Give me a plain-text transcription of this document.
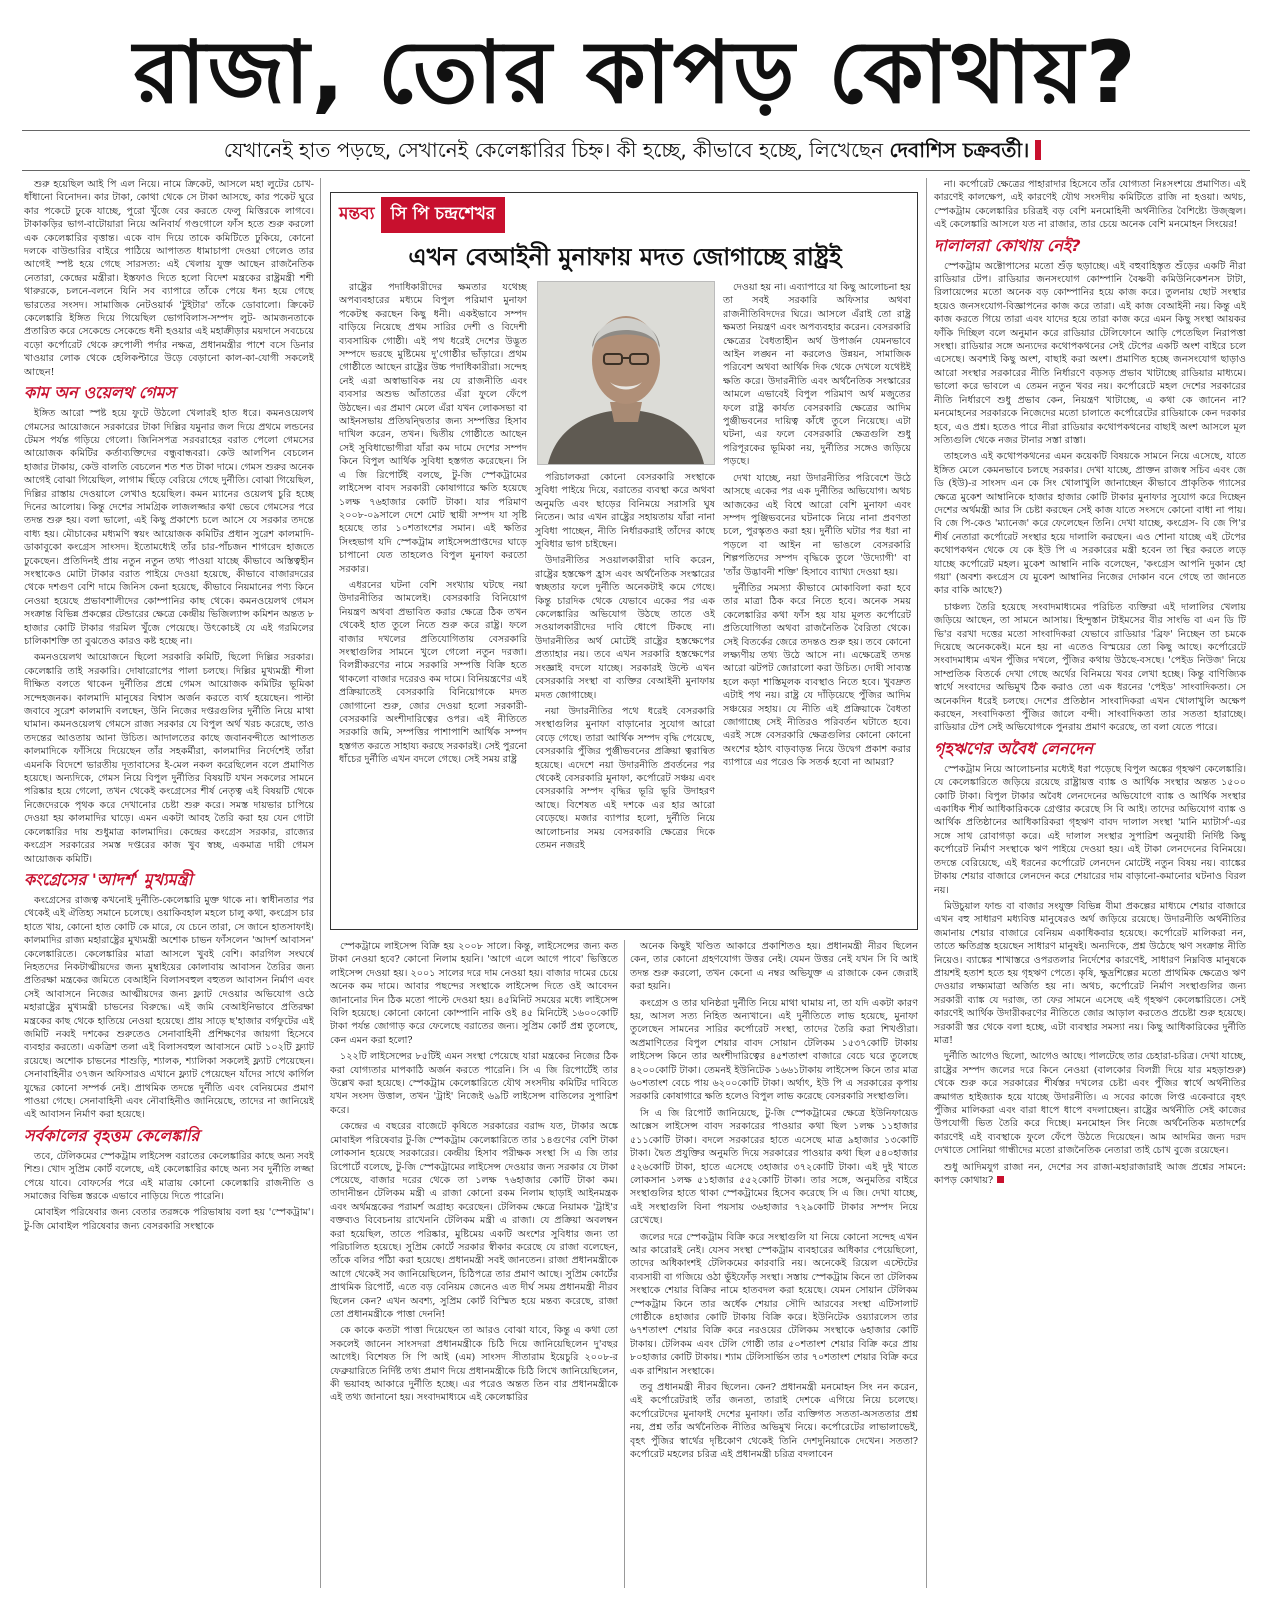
রাজা, তোর কাপড় কোথায়?
যেখানেই হাত পড়ছে, সেখানেই কেলেঙ্কারির চিহ্ন। কী হচ্ছে, কীভাবে হচ্ছে, লিখেছেন দেবাশিস চক্রবর্তী।

শুরু হয়েছিল আই পি এল নিয়ে। নামে ক্রিকেট, আসলে মহা লুটের চোখ-ধাঁধানো বিনোদন। কার টাকা, কোথা থেকে সে টাকা আসছে, কার পকেট ঘুরে কার পকেটে ঢুকে যাচ্ছে, পুরো খুঁজে বের করতে ফেলু মিত্তিরকে লাগবে। টাকাকড়ির ভাগ-বাটোয়ারা নিয়ে অনিবার্য গণ্ডগোলে ফাঁস হতে শুরু করলো এক কেলেঙ্কারির বৃত্তান্ত। একে বাদ দিয়ে তাকে কমিটিতে ঢুকিয়ে, কোনো দলকে বাউন্ডারির বাইরে পাঠিয়ে আপাতত ধামাচাপা দেওয়া গেলেও তার আগেই স্পষ্ট হয়ে গেছে সারসত্য: এই খেলায় যুক্ত আছেন রাজনৈতিক নেতারা, কেন্দ্রের মন্ত্রীরা। ইস্তফাও দিতে হলো বিদেশ মন্ত্রকের রাষ্ট্রমন্ত্রী শশী থারুরকে, চলনে-বলনে যিনি সব ব্যাপারে তাঁকে পেয়ে ধন্য হয়ে গেছে ভারতের সংসদ। সামাজিক নেটওয়ার্ক 'টুইটার' তাঁকে ডোবালো। ক্রিকেট কেলেঙ্কারি ইঙ্গিত দিয়ে গিয়েছিল ভোগবিলাস-সম্পদ লুট- আমজনতাকে প্রতারিত করে সেকেন্ডে সেকেন্ডে ধনী হওয়ার এই মহাক্রীড়ার ময়দানে সবচেয়ে বড়ো কর্পোরেট থেকে রুপোলী পর্দার নক্ষত্র, প্রধানমন্ত্রীর পাশে বসে ডিনার খাওয়ার লোক থেকে হেলিকপ্টারে উড়ে বেড়ানো কাল-কা-যোগী সকলেই আছেন!

কাম অন ওয়েলথ গেমস

ইঙ্গিত আরো স্পষ্ট হয়ে ফুটে উঠলো খেলারই হাত ধরে। কমনওয়েলথ গেমসের আয়োজনে সরকারের টাকা দিল্লির যমুনার জল দিয়ে প্রথমে লন্ডনের টেমস পর্যন্ত গড়িয়ে গেলো। জিনিসপত্র সরবরাহের বরাত পেলো গেমসের আয়োজক কমিটির কর্তাব্যক্তিদের বন্ধুবান্ধবরা। কেউ আলপিন বেচলেন হাজার টাকায়, কেউ বালতি বেচলেন শত শত টাকা দামে। গেমস শুরুর অনেক আগেই বোঝা গিয়েছিল, লাগাম ছিঁড়ে বেরিয়ে গেছে দুর্নীতি। বোঝা গিয়েছিল, দিল্লির রাস্তায় দেওয়ালে লেখাও হয়েছিল। কমন ম্যানের ওয়েলথ চুরি হচ্ছে দিনের আলোয়। কিন্তু দেশের সামগ্রিক লাজলজ্জার কথা ভেবে গেমসের পরে তদন্ত শুরু হয়। বলা ভালো, এই কিছু প্রকাশ্যে চলে আসে যে সরকার তদন্তে বাধ্য হয়। মৌচাকের মধ্যমণি স্বয়ং আয়োজক কমিটির প্রধান সুরেশ কালমাদি- ডাকাবুকো কংগ্রেস সাংসদ। ইতোমধ্যেই তাঁর চার-পাঁচজন শাগরেদ হাজতে ঢুকেছেন। প্রতিদিনই প্রায় নতুন নতুন তথ্য পাওয়া যাচ্ছে কীভাবে অস্তিত্বহীন সংস্থাকেও মোটা টাকার বরাত পাইয়ে দেওয়া হয়েছে, কীভাবে বাজারদরের থেকে দশগুণ বেশি দামে জিনিস কেনা হয়েছে, কীভাবে নিয়মানের পণ্য কিনে নেওয়া হয়েছে প্রভাবশালীদের কোম্পানির কাছ থেকে। কমনওয়েলথ গেমস সংক্রান্ত বিভিন্ন প্রকল্পের টেন্ডারের ক্ষেত্রে কেন্দ্রীয় ভিজিল্যান্স কমিশন অন্তত ৮ হাজার কোটি টাকার গরমিল খুঁজে পেয়েছে। উৎকোচই যে এই গরমিলের চালিকাশক্তি তা বুঝতেও কারও কষ্ট হচ্ছে না।

কমনওয়েলথ আয়োজনে ছিলো সরকারি কমিটি, ছিলো দিল্লির সরকার। কেলেঙ্কারি তাই সরকারি। দোষারোপের পালা চলছে। দিল্লির মুখ্যমন্ত্রী শীলা দীক্ষিত বলতে থাকেন দুর্নীতির প্রশ্নে গেমস আয়োজক কমিটির ভূমিকা সন্দেহজনক। কালমাদি মানুষের বিশ্বাস অর্জন করতে ব্যর্থ হয়েছেন। পাল্টা জবাবে সুরেশ কালমাদি বলছেন, উনি নিজের দপ্তরগুলির দুর্নীতি নিয়ে মাথা ঘামান। কমনওয়েলথ গেমসে রাজ্য সরকার যে বিপুল অর্থ খরচ করেছে, তাও তদন্তের আওতায় আনা উচিত। আদালতের কাছে জবানবন্দীতে আপাতত কালমাদিকে ফাঁসিয়ে দিয়েছেন তাঁর সহকর্মীরা, কালমাদির নির্দেশেই তাঁরা এমনকি বিদেশে ভারতীয় দূতাবাসের ই-মেল নকল করেছিলেন বলে প্রমাণিত হয়েছে। অন্যদিকে, গেমস নিয়ে বিপুল দুর্নীতির বিষয়টি যখন সকলের সামনে পরিষ্কার হয়ে গেলো, তখন থেকেই কংগ্রেসের শীর্ষ নেতৃত্ব এই বিষয়টি থেকে নিজেদেরকে পৃথক করে দেখানোর চেষ্টা শুরু করে। সমস্ত দায়ভার চাপিয়ে দেওয়া হয় কালমাদির ঘাড়ে। এমন একটা আবহ তৈরি করা হয় যেন গোটা কেলেঙ্কারির দায় শুধুমাত্র কালমাদির। কেন্দ্রের কংগ্রেস সরকার, রাজ্যের কংগ্রেস সরকারের সমস্ত দপ্তরের কাজ খুব স্বচ্ছ, একমাত্র দায়ী গেমস আয়োজক কমিটি।

কংগ্রেসের 'আদর্শ' মুখ্যমন্ত্রী

কংগ্রেসের রাজত্ব কখনোই দুর্নীতি-কেলেঙ্কারি মুক্ত থাকে না। স্বাধীনতার পর থেকেই এই ঐতিহ্য সমানে চলেছে। ওয়াকিবহাল মহলে চালু কথা, কংগ্রেস চার হাতে খায়, কোনো হাত কোটি কে মারে, যে চেনে তারা, সে জানে হাতসাফাই। কালমাদির রাজ্য মহারাষ্ট্রের মুখ্যমন্ত্রী অশোক চাভন ফাঁসলেন 'আদর্শ আবাসন' কেলেঙ্কারিতে। কেলেঙ্কারির মাত্রা আসলে খুবই বেশি। কারগিল সংঘর্ষে নিহতদের নিকটাত্মীয়দের জন্য মুম্বাইয়ের কোলাবায় আবাসন তৈরির জন্য প্রতিরক্ষা মন্ত্রকের জমিতে বেআইনি বিলাসবহুল বহুতল আবাসন নির্মাণ এবং সেই আবাসনে নিজের আত্মীয়দের জন্য ফ্ল্যাট দেওয়ার অভিযোগ ওঠে মহারাষ্ট্রের মুখ্যমন্ত্রী চাভনের বিরুদ্ধে। এই জমি বেআইনিভাবে প্রতিরক্ষা মন্ত্রকের কাছ থেকে হাতিয়ে নেওয়া হয়েছে। প্রায় সাড়ে ছ'হাজার বর্গফুটের এই জমিটি নব্বই দশকের শুরুতেও সেনাবাহিনী প্রশিক্ষণের জায়গা হিসেবে ব্যবহার করতো। একত্রিশ তলা এই বিলাসবহুল আবাসনে মোট ১০২টি ফ্ল্যাট রয়েছে। অশোক চাভনের শাশুড়ি, শ্যালক, শ্যালিকা সকলেই ফ্ল্যাট পেয়েছেন। সেনাবাহিনীর ৩৭জন অফিসারও এখানে ফ্ল্যাট পেয়েছেন যাঁদের সাথে কার্গিল যুদ্ধের কোনো সম্পর্ক নেই। প্রাথমিক তদন্তে দুর্নীতি এবং বেনিয়মের প্রমাণ পাওয়া গেছে। সেনাবাহিনী এবং নৌবাহিনীও জানিয়েছে, তাদের না জানিয়েই এই আবাসন নির্মাণ করা হয়েছে।

সর্বকালের বৃহত্তম কেলেঙ্কারি

তবে, টেলিকমের স্পেকট্রাম লাইসেন্স বরাতের কেলেঙ্কারির কাছে অন্য সবই শিশু। খোদ সুপ্রিম কোর্ট বলেছে, এই কেলেঙ্কারির কাছে অন্য সব দুর্নীতি লজ্জা পেয়ে যাবে। বোফর্সের পরে এই মাত্রায় কোনো কেলেঙ্কারি রাজনীতি ও সমাজের বিভিন্ন স্তরকে এভাবে নাড়িয়ে দিতে পারেনি।

মোবাইল পরিষেবার জন্য বেতার তরঙ্গকে পরিভাষায় বলা হয় 'স্পেকট্রাম'। টু-জি মোবাইল পরিষেবার জন্য বেসরকারি সংস্থাকে

মন্তব্য সি পি চন্দ্রশেখর
এখন বেআইনী মুনাফায় মদত জোগাচ্ছে রাষ্ট্রই

রাষ্ট্রের পদাধিকারীদের ক্ষমতার যথেচ্ছ অপব্যবহারের মধ্যমে বিপুল পরিমাণ মুনাফা পকেটস্থ করছেন কিছু ধনী। একইভাবে সম্পদ বাড়িয়ে নিয়েছে প্রথম সারির দেশী ও বিদেশী ব্যবসায়িক গোষ্ঠী। এই পথ ধরেই দেশের উদ্ভূত সম্পদে ভরছে মুষ্টিমেয় দু'গোষ্ঠীর ভাঁড়ারে। প্রথম গোষ্ঠীতে আছেন রাষ্ট্রের উচ্চ পদাধিকারীরা। সন্দেহ নেই এরা অস্বাভাবিক নয় যে রাজনীতি এবং ব্যবসার অশুভ আঁতাতের এঁরা ফুলে ফেঁপে উঠছেন। এর প্রমাণ মেলে এঁরা যখন লোকসভা বা আইনসভায় প্রতিদ্বন্দ্বিতার জন্য সম্পত্তির হিসাব দাখিল করেন, তখন। দ্বিতীয় গোষ্ঠীতে আছেন সেই সুবিধাভোগীরা যাঁরা কম দামে দেশের সম্পদ কিনে বিপুল আর্থিক সুবিধা হস্তগত করেছেন। সি এ জি রিপোর্টই বলছে, টু-জি স্পেকট্রামের লাইসেন্স বাবদ সরকারী কোষাগারে ক্ষতি হয়েছে ১লক্ষ ৭৬হাজার কোটি টাকা। যার পরিমাণ ২০০৮-০৯সালে দেশে মোট স্থায়ী সম্পদ যা সৃষ্টি হয়েছে তার ১০শতাংশের সমান। এই ক্ষতির সিংহভাগ যদি স্পেকট্রাম লাইসেন্সপ্রাপ্তদের ঘাড়ে চাপানো যেত তাহলেও বিপুল মুনাফা করতো সরকার।

এধরনের ঘটনা বেশি সংখ্যায় ঘটছে নয়া উদারনীতির আমলেই। বেসরকারি বিনিয়োগ নিয়ন্ত্রণ অথবা প্রভাবিত করার ক্ষেত্রে ঠিক তখন থেকেই হাত তুলে নিতে শুরু করে রাষ্ট্র। ফলে বাজার দখলের প্রতিযোগিতায় বেসরকারি সংস্থাগুলির সামনে খুলে গেলো নতুন দরজা। বিলগ্নীকরণের নামে সরকারি সম্পত্তি বিক্রি হতে থাকলো বাজার দরেরও কম দামে। বিনিয়ন্ত্রণের এই প্রক্রিয়াতেই বেসরকারি বিনিয়োগকে মদত জোগানো শুরু, জোর দেওয়া হলো সরকারী-বেসরকারি অংশীদারিত্বের ওপর। এই নীতিতে সরকারি জমি, সম্পত্তির পাশাপাশি আর্থিক সম্পদ হস্তগত করতে সাহায্য করছে সরকারই। সেই পুরনো ধাঁচের দুর্নীতি এখন বদলে গেছে। সেই সময় রাষ্ট্র

পরিচালকরা কোনো বেসরকারি সংস্থাকে সুবিধা পাইয়ে দিয়ে, বরাতের ব্যবস্থা করে অথবা অনুমতি এবং ছাড়ের বিনিময়ে সরাসরি ঘুষ নিতেন। আর এখন রাষ্ট্রের সহায়তায় যাঁরা নানা সুবিধা পাচ্ছেন, নীতি নির্ধারকরাই তাঁদের কাছে সুবিধার ভাগ চাইছেন।

উদারনীতির সওয়ালকারীরা দাবি করেন, রাষ্ট্রের হস্তক্ষেপ হ্রাস এবং অর্থনৈতিক সংস্কারের স্বচ্ছতার ফলে দুর্নীতি অনেকটাই কমে গেছে। কিন্তু চারদিক থেকে যেভাবে একের পর এক কেলেঙ্কারির অভিযোগ উঠছে তাতে ওই সওয়ালকারীদের দাবি ধোপে টিকছে না। উদারনীতির অর্থ মোটেই রাষ্ট্রের হস্তক্ষেপের প্রত্যাহার নয়। তবে এখন সরকারি হস্তক্ষেপের সংজ্ঞাই বদলে যাচ্ছে। সরকারই উল্টে এখন বেসরকারি সংস্থা বা ব্যক্তির বেআইনী মুনাফায় মদত জোগাচ্ছে।

নয়া উদারনীতির পথে ধরেই বেসরকারি সংস্থাগুলির মুনাফা বাড়ানোর সুযোগ আরো বেড়ে গেছে। তারা আর্থিক সম্পদ বৃদ্ধি পেয়েছে, বেসরকারি পুঁজির পুঞ্জীভবনের প্রক্রিয়া ত্বরান্বিত হয়েছে। এদেশে নয়া উদারনীতি প্রবর্তনের পর থেকেই বেসরকারি মুনাফা, কর্পোরেট সঞ্চয় এবং বেসরকারি সম্পদ বৃদ্ধির ভূরি ভূরি উদাহরণ আছে। বিশেষত এই দশকে এর হার আরো বেড়েছে। মজার ব্যাপার হলো, দুর্নীতি নিয়ে আলোচনার সময় বেসরকারি ক্ষেত্রের দিকে তেমন নজরই

দেওয়া হয় না। এব্যাপারে যা কিছু আলোচনা হয় তা সবই সরকারি অফিসার অথবা রাজনীতিবিদদের ঘিরে। আসলে এঁরাই তো রাষ্ট্র ক্ষমতা নিয়ন্ত্রণ এবং অপব্যবহার করেন। বেসরকারি ক্ষেত্রের বৈধতাহীন অর্থ উপার্জন যেমনভাবে আইন লঙ্ঘন না করলেও উন্নয়ন, সামাজিক পরিবেশ অথবা আর্থিক দিক থেকে দেখলে যথেষ্টই ক্ষতি করে। উদারনীতি এবং অর্থনৈতিক সংস্কারের আমলে এভাবেই বিপুল পরিমাণ অর্থ মজুতের ফলে রাষ্ট্র কার্যত বেসরকারি ক্ষেত্রের আদিম পুঞ্জীভবনের দায়িত্ব কাঁধে তুলে নিয়েছে। এটা ঘটনা, এর ফলে বেসরকারি ক্ষেত্রগুলি শুধু পরিপূরকের ভূমিকা নয়, দুর্নীতির সঙ্গেও জড়িয়ে পড়ছে।

দেখা যাচ্ছে, নয়া উদারনীতির পরিবেশে উঠে আসছে একের পর এক দুর্নীতির অভিযোগ। অথচ আজকের এই বিশ্বে আরো বেশি মুনাফা এবং সম্পদ পুঞ্জিভবনের ঘটনাকে নিয়ে নানা প্রবণতা চলে, পুরস্কৃতও করা হয়। দুর্নীতি ঘটার পর ধরা না পড়লে বা আইন না ভাঙলে বেসরকারি শিল্পপতিদের সম্পদ বৃদ্ধিকে তুলে 'উদ্যোগী' বা 'তাঁর উদ্ভাবনী শক্তি' হিসাবে ব্যাখ্যা দেওয়া হয়।

দুর্নীতির সমস্যা কীভাবে মোকাবিলা করা হবে তার মাত্রা ঠিক করে নিতে হবে। অনেক সময় কেলেঙ্কারির কথা ফাঁস হয় যায় মূলত কর্পোরেট প্রতিযোগিতা অথবা রাজনৈতিক বৈরিতা থেকে। সেই বিতর্কের জেরে তদন্তও শুরু হয়। তবে কোনো লক্ষ্যণীয় তথ্য উঠে আসে না। এক্ষেত্রেই তদন্ত আরো ঝটপট জোরালো করা উচিত। দোষী সাব্যস্ত হলে কড়া শাস্তিমূলক ব্যবস্থাও নিতে হবে। খুবদ্রুত এটাই পথ নয়। রাষ্ট্র যে দাঁড়িয়েছে পুঁজির আদিম সঞ্চয়ের সহায়। যে নীতি এই প্রক্রিয়াকে বৈধতা জোগাচ্ছে সেই নীতিরও পরিবর্তন ঘটাতে হবে। এরই সঙ্গে বেসরকারি ক্ষেত্রগুলির কোনো কোনো অংশের হঠাৎ বাড়বাড়ন্ত নিয়ে উদ্বেগ প্রকাশ করার ব্যাপারে এর পরেও কি সতর্ক হবো না আমরা?

স্পেকট্রামে লাইসেন্স বিক্রি হয় ২০০৮ সালে। কিন্তু, লাইসেন্সের জন্য কত টাকা নেওয়া হবে? কোনো নিলাম হয়নি। 'আগে এলে আগে পাবে' ভিত্তিতে লাইসেন্স দেওয়া হয়। ২০০১ সালের দরে দাম নেওয়া হয়। বাজার দামের চেয়ে অনেক কম দামে। আবার পছন্দের সংস্থাকে লাইসেন্স দিতে ওই আবেদন জানানোর দিন ঠিক মতো পাল্টে দেওয়া হয়। ৪৫মিনিট সময়ের মধ্যে লাইসেন্স বিলি হয়েছে। কোনো কোনো কোম্পানি নাকি ওই ৪৫ মিনিটেই ১৬০০কোটি টাকা পর্যন্ত জোগাড় করে ফেলেছে বরাতের জন্য। সুপ্রিম কোর্ট প্রশ্ন তুলেছে, কেন এমন করা হলো?

১২২টি লাইসেন্সের ৮৫টিই এমন সংস্থা পেয়েছে যারা মন্ত্রকের নিজের ঠিক করা যোগ্যতার মাপকাঠি অর্জন করতে পারেনি। সি এ জি রিপোর্টেই তার উল্লেখ করা হয়েছে। স্পেকট্রাম কেলেঙ্কারিতে যৌথ সংসদীয় কমিটির দাবিতে যখন সংসদ উত্তাল, তখন 'ট্রাই' নিজেই ৬৯টি লাইসেন্স বাতিলের সুপারিশ করে।

কেন্দ্রের এ বছরের বাজেটে কৃষিতে সরকারের বরাদ্দ যত, টাকার অঙ্কে মোবাইল পরিষেবার টু-জি স্পেকট্রাম কেলেঙ্কারিতে তার ১৪গুণের বেশি টাকা লোকসান হয়েছে সরকারের। কেন্দ্রীয় হিসাব পরীক্ষক সংস্থা সি এ জি তার রিপোর্টে বলেছে, টু-জি স্পেকট্রামের লাইসেন্স দেওয়ার জন্য সরকার যে টাকা পেয়েছে, বাজার দরের থেকে তা ১লক্ষ ৭৬হাজার কোটি টাকা কম। তাদানীন্তন টেলিকম মন্ত্রী এ রাজা কোনো রকম নিলাম ছাড়াই আইনমন্ত্রক এবং অর্থমন্ত্রকের পরামর্শ অগ্রাহ্য করেছেন। টেলিকম ক্ষেত্রে নিয়ামক 'ট্রাই'র বক্তব্যও বিবেচনায় রাখেননি টেলিকম মন্ত্রী এ রাজা। যে প্রক্রিয়া অবলম্বন করা হয়েছিল, তাতে পরিষ্কার, মুষ্টিমেয় একটি অংশের সুবিধার জন্য তা পরিচালিত হয়েছে। সুপ্রিম কোর্টে সরকার স্বীকার করেছে যে রাজা বলেছেন, তাঁকে বলির পাঁঠা করা হয়েছে। প্রধানমন্ত্রী সবই জানতেন। রাজা প্রধানমন্ত্রীকে আগে থেকেই সব জানিয়েছিলেন, চিঠিপত্রে তার প্রমাণ আছে। সুপ্রিম কোর্টের প্রাথমিক রিপোর্ট, এতে বড় বেনিয়ম জেনেও এত দীর্ঘ সময় প্রধানমন্ত্রী নীরব ছিলেন কেন? এখন অবশ্য, সুপ্রিম কোর্ট বিস্মিত হয়ে মন্তব্য করেছে, রাজা তো প্রধানমন্ত্রীকে পাত্তা দেননি!

কে কাকে কতটা পাত্তা দিয়েছেন তা আরও বোঝা যাবে, কিন্তু এ কথা তো সকলেই জানেন সাংসদরা প্রধানমন্ত্রীকে চিঠি দিয়ে জানিয়েছিলেন দু'বছর আগেই। বিশেষত সি পি আই (এম) সাংসদ সীতারাম ইয়েচুরি ২০০৮-র ফেব্রুয়ারিতে নির্দিষ্ট তথ্য প্রমাণ দিয়ে প্রধানমন্ত্রীকে চিঠি লিখে জানিয়েছিলেন, কী ভয়াবহ আকারে দুর্নীতি হচ্ছে। এর পরেও অন্তত তিন বার প্রধানমন্ত্রীকে এই তথ্য জানানো হয়। সংবাদমাধ্যমে এই কেলেঙ্কারির

অনেক কিছুই খণ্ডিত আকারে প্রকাশিতও হয়। প্রধানমন্ত্রী নীরব ছিলেন কেন, তার কোনো গ্রহণযোগ্য উত্তর নেই। যেমন উত্তর নেই যখন সি বি আই তদন্ত শুরু করলো, তখন কেনো এ নম্বর অভিযুক্ত এ রাজাকে কেন জেরাই করা হয়নি।

কংগ্রেস ও তার ঘনিষ্ঠরা দুর্নীতি নিয়ে মাথা ঘামায় না, তা যদি একটা কারণ হয়, আসল সত্য নিহিত অন্যখানে। এই দুর্নীতিতে লাভ হয়েছে, মুনাফা তুলেছেন সামনের সারির কর্পোরেট সংস্থা, তাদের তৈরি করা শিখণ্ডীরা। অপ্রমাণিতের বিপুল শেয়ার বাবদ সোয়ান টেলিকম ১৫৩৭কোটি টাকায় লাইসেন্স কিনে তার অংশীদারিত্বের ৪৫শতাংশ বাজারে বেচে ঘরে তুলেছে ৪২০০কোটি টাকা। তেমনই ইউনিটেক ১৬৬১টাকায় লাইসেন্স কিনে তার মাত্র ৬০শতাংশ বেচে পায় ৬২০০কোটি টাকা। অর্থাৎ, ইউ পি এ সরকারের কৃপায় সরকারি কোষাগারে ক্ষতি হলেও বিপুল লাভ করেছে বেসরকারি সংস্থাগুলি।

সি এ জি রিপোর্ট জানিয়েছে, টু-জি স্পেকট্রামের ক্ষেত্রে ইউনিফায়েড আক্সেস লাইসেন্স বাবদ সরকারের পাওয়ার কথা ছিল ১লক্ষ ১১হাজার ৫১১কোটি টাকা। বদলে সরকারের হাতে এসেছে মাত্র ৯হাজার ১৩কোটি টাকা। দ্বৈত প্রযুক্তির অনুমতি দিয়ে সরকারের পাওয়ার কথা ছিল ৫৪০হাজার ৫২৬কোটি টাকা, হাতে এসেছে ৩হাজার ৩৭২কোটি টাকা। এই দুই খাতে লোকসান ১লক্ষ ৫১হাজার ৫৫২কোটি টাকা। তার সঙ্গে, অনুমতির বাইরে সংস্থাগুলির হাতে থাকা স্পেকট্রামের হিসেব করেছে সি এ জি। দেখা যাচ্ছে, এই সংস্থাগুলি বিনা পয়সায় ৩৬হাজার ৭২৯কোটি টাকার সম্পদ নিয়ে রেখেছে।

জলের দরে স্পেকট্রাম বিক্রি করে সংস্থাগুলি যা নিয়ে কোনো সন্দেহ এখন আর কারোরই নেই। যেসব সংস্থা স্পেকট্রাম ব্যবহারের অধিকার পেয়েছিলো, তাদের অধিকাংশই টেলিকমের কারবারি নয়। অনেকেই রিয়েল এস্টেটের ব্যবসায়ী বা গজিয়ে ওঠা ভুঁইফোঁড় সংস্থা। সস্তায় স্পেকট্রাম কিনে তা টেলিকম সংস্থাকে শেয়ার বিক্রির নামে হাতবদল করা হয়েছে। যেমন সোয়ান টেলিকম স্পেকট্রাম কিনে তার অর্ধেক শেয়ার সৌদি আরবের সংস্থা এটিসালাট গোষ্ঠীকে ৪হাজার কোটি টাকায় বিক্রি করে। ইউনিটেক ওয়্যারলেস তার ৬৭শতাংশ শেয়ার বিক্রি করে নরওয়ের টেলিকম সংস্থাকে ৬হাজার কোটি টাকায়। টেলিকম এবং টেলি গোষ্ঠী তার ৫০শতাংশ শেয়ার বিক্রি করে প্রায় ৮০হাজার কোটি টাকায়। শ্যাম টেলিসার্ভিস তার ৭০শতাংশ শেয়ার বিক্রি করে এক রাশিয়ান সংস্থাকে।

তবু প্রধানমন্ত্রী নীরব ছিলেন। কেন? প্রধানমন্ত্রী মনমোহন সিং নন করেন, এই কর্পোরেটরাই তাঁর জনতা, তারাই দেশকে এগিয়ে নিয়ে চলেছে। কর্পোরেটদের মুনাফাই দেশের মুনাফা। তাঁর ব্যক্তিগত সততা-অসততার প্রশ্ন নয়, প্রশ্ন তাঁর অর্থনৈতিক নীতির অভিমুখ নিয়ে। কর্পোরেটের লাভালাভেই, বৃহৎ পুঁজির স্বার্থের দৃষ্টিকোণ থেকেই তিনি দেশদুনিয়াকে দেখেন। সততা? কর্পোরেট মহলের চরিত্র এই প্রধানমন্ত্রী চরিত্র বদলাবেন

না। কর্পোরেট ক্ষেত্রের পাহারাদার হিসেবে তাঁর যোগ্যতা নিঃসংশয়ে প্রমাণিত। এই কারণেই কালক্ষেপ, এই কারণেই যৌথ সংসদীয় কমিটিতে রাজি না হওয়া। অথচ, স্পেকট্রাম কেলেঙ্কারির চরিত্রই বড় বেশি মনমোহিনী অর্থনীতির বৈশিষ্ট্যে উজ্জ্বল। এই কেলেঙ্কারি আসলে যত না রাজার, তার চেয়ে অনেক বেশি মনমোহন সিংয়ের!

দালালরা কোথায় নেই?

স্পেকট্রাম অক্টোপাসের মতো শুঁড় ছড়াচ্ছে। এই বহুবাহিস্তৃত শুঁড়ের একটি নীরা রাডিয়ার টেপ। রাডিয়ার জনসংযোগ কোম্পানি বৈষ্ণবী কমিউনিকেশনস টাটা, রিলায়েন্সের মতো অনেক বড় কোম্পানির হয়ে কাজ করে। তুলনায় ছোট সংস্থার হয়েও জনসংযোগ-বিজ্ঞাপনের কাজ করে তারা। এই কাজ বেআইনী নয়। কিন্তু এই কাজ করতে গিয়ে তারা এবং যাদের হয়ে তারা কাজ করে এমন কিছু সংস্থা আয়কর ফাঁকি দিচ্ছিল বলে অনুমান করে রাডিয়ার টেলিফোনে আড়ি পেতেছিল নিরাপত্তা সংস্থা। রাডিয়ার সঙ্গে অন্যদের কথোপকথনের সেই টেপের একটি অংশ বাইরে চলে এসেছে। অবশ্যই কিছু অংশ, বাছাই করা অংশ। প্রমাণিত হচ্ছে জনসংযোগ ছাড়াও আরো সংস্থার সরকারের নীতি নির্ধারণে বড়সড় প্রভাব খাটাচ্ছে রাডিয়ার মাধ্যমে। ভালো করে ভাবলে এ তেমন নতুন খবর নয়। কর্পোরেটে মহল দেশের সরকারের নীতি নির্ধারণে শুধু প্রভাব কেন, নিয়ন্ত্রণ খাটাচ্ছে, এ কথা কে জানেন না? মনমোহনের সরকারকে নিজেদের মতো চালাতে কর্পোরেটের রাডিয়াকে কেন দরকার হবে, এও প্রশ্ন। হতেও পারে নীরা রাডিয়ার কথোপকথনের বাছাই অংশ আসলে মূল সত্যিগুলি থেকে নজর টানার সস্তা রাস্তা।

তাহলেও এই কথোপকথনের এমন কয়েকটি বিষয়কে সামনে নিয়ে এসেছে, যাতে ইঙ্গিত মেলে কেমনভাবে চলছে সরকার। দেখা যাচ্ছে, প্রাক্তন রাজস্ব সচিব এবং জে ডি (ইউ)-র সাংসদ এন কে সিং খোলাখুলি জানাচ্ছেন কীভাবে প্রাকৃতিক গ্যাসের ক্ষেত্রে মুকেশ আম্বানিকে হাজার হাজার কোটি টাকার মুনাফার সুযোগ করে দিচ্ছেন দেশের অর্থমন্ত্রী আর সি চেষ্টা করছেন সেই কাজ যাতে সংসদে কোনো বাধা না পায়। বি জে পি-কেও 'ম্যানেজ' করে ফেলেছেন তিনি। দেখা যাচ্ছে, কংগ্রেস- বি জে পি'র শীর্ষ নেতারা কর্পোরেট সংস্থার হয়ে দালালি করছেন। এও শোনা যাচ্ছে এই টেপের কথোপকথন থেকে যে কে ইউ পি এ সরকারের মন্ত্রী হবেন তা স্থির করতে লড়ে যাচ্ছে কর্পোরেট মহল। মুকেশ আম্বানি নাকি বলেছেন, 'কংগ্রেস আপনি দুকান হো গয়া' (অবশ্য কংগ্রেস যে মুকেশ আম্বানির নিজের দোকান বনে গেছে তা জানতে কার বাকি আছে?)

চাঞ্চল্য তৈরি হয়েছে সংবাদমাধ্যমের পরিচিত ব্যক্তিরা এই দালালির খেলায় জড়িয়ে আছেন, তা সামনে আসায়। হিন্দুস্তান টাইমসের বীর সাংভি বা এন ডি টি ভি'র বরখা দত্তের মতো সাংবাদিকরা যেভাবে রাডিয়ার 'ব্রিফ' নিচ্ছেন তা চমকে দিয়েছে অনেককেই। মনে হয় না এতেও বিস্ময়ের তো কিছু আছে। কর্পোরেটে সংবাদমাধ্যম এখন পুঁজির দখলে, পুঁজির কথায় উঠছে-বসছে। 'পেইড নিউজ' নিয়ে সাম্প্রতিক বিতর্কে দেখা গেছে অর্থের বিনিময়ে খবর লেখা হচ্ছে। কিন্তু বাণিজ্যিক স্বার্থে সংবাদের অভিমুখ ঠিক করাও তো এক ধরনের 'পেইড' সাংবাদিকতা। সে অনেকদিন ধরেই চলছে। দেশের প্রতিষ্ঠান সাংবাদিকরা এখন খোলাখুলি অক্ষেপ করছেন, সংবাদিকতা পুঁজির জালে বন্দী। সাংবাদিকতা তার সততা হারাচ্ছে। রাডিয়ার টেপ সেই অভিযোগকে পুনরায় প্রমাণ করেছে, তা বলা যেতে পারে।

গৃহঋণের অবৈধ লেনদেন

স্পেকট্রাম নিয়ে আলোচনার মধ্যেই ধরা পড়েছে বিপুল অঙ্কের গৃহঋণ কেলেঙ্কারি। যে কেলেঙ্কারিতে জড়িয়ে রয়েছে রাষ্ট্রায়ত্ত ব্যাঙ্ক ও আর্থিক সংস্থার অন্তত ১৫০০ কোটি টাকা। বিপুল টাকার অবৈধ লেনদেনের অভিযোগে ব্যাঙ্ক ও আর্থিক সংস্থার একাধিক শীর্ষ আধিকারিককে গ্রেপ্তার করেছে সি বি আই। তাদের অভিযোগ ব্যাঙ্ক ও আর্থিক প্রতিষ্ঠানের আধিকারিকরা গৃহঋণ বাবদ দালাল সংস্থা 'মানি ম্যাটার্স'-এর সঙ্গে সাথ রোবাগড়া করে। এই দালাল সংস্থার সুপারিশ অনুযায়ী নির্দিষ্ট কিছু কর্পোরেট নির্মাণ সংস্থাকে ঋণ পাইয়ে দেওয়া হয়। এই টাকা লেনদেনের বিনিময়ে। তদন্তে বেরিয়েছে, এই ধরনের কর্পোরেট লেনদেন মোটেই নতুন বিষয় নয়। ব্যাঙ্কের টাকায় শেয়ার বাজারে লেনদেন করে শেয়ারের দাম বাড়ানো-কমানোর ঘটনাও বিরল নয়।

মিউচুয়াল ফান্ড বা বাজার সংযুক্ত বিভিন্ন বীমা প্রকল্পের মাধ্যমে শেয়ার বাজারে এখন বহু সাধারণ মধ্যবিত্ত মানুষেরও অর্থ জড়িয়ে রয়েছে। উদারনীতি অর্থনীতির জমানায় শেয়ার বাজারে বেনিয়ম একাধিকবার হয়েছে। কর্পোরেট মালিকরা নন, তাতে ক্ষতিগ্রস্ত হয়েছেন সাধারণ মানুষই। অন্যদিকে, প্রশ্ন উঠেছে ঋণ সংক্রান্ত নীতি নিয়েও। ব্যাঙ্কের শাখাস্তরে ওপরতলার নির্দেশের কারণেই, সাধারণ নিম্নবিত্ত মানুষকে প্রায়শই হতাশ হতে হয় গৃহঋণ পেতে। কৃষি, ক্ষুদ্রশিল্পের মতো প্রাথমিক ক্ষেত্রেও ঋণ দেওয়ার লক্ষ্যমাত্রা অর্জিত হয় না। অথচ, কর্পোরেট নির্মাণ সংস্থাগুলির জন্য সরকারী ব্যাঙ্ক যে দরাজ, তা ফের সামনে এসেছে এই গৃহঋণ কেলেঙ্কারিতে। সেই কারণেই আর্থিক উদারীকরণের নীতিতে জোর আড়াল করতেও প্রচেষ্টা শুরু হয়েছে। সরকারী স্তর থেকে বলা হচ্ছে, এটা ব্যবস্থার সমস্যা নয়। কিছু আধিকারিকের দুর্নীতি মাত্র!

দুর্নীতি আগেও ছিলো, আগেও আছে। পালটেছে তার চেহারা-চরিত্র। দেখা যাচ্ছে, রাষ্ট্রের সম্পদ জলের দরে কিনে নেওয়া (বালকোর বিলগ্নী দিয়ে যার মহড়াশুরু) থেকে শুরু করে সরকারের শীর্ষস্তর দখলের চেষ্টা এবং পুঁজির স্বার্থে অর্থনীতির ক্রমাগত হাইজ্যাক হয়ে যাচ্ছে উদারনীতি। এ সবের কাজে লিপ্ত একেবারে বৃহৎ পুঁজির মালিকরা এবং বারা ধাপে ধাপে বদলাচ্ছেন। রাষ্ট্রের অর্থনীতি সেই কাজের উপযোগী ভিত তৈরি করে দিচ্ছে। মনমোহন সিং নিজে অর্থনৈতিক মতাদর্শের কারণেই এই ব্যবস্থাকে ফুলে ফেঁপে উঠতে দিয়েছেন। আম আদমির জন্য দরদ দেখাতে সোনিয়া গান্ধীদের মতো রাজনৈতিক নেতারা তাই চোখ বুজে রয়েছেন।

শুধু আদিমযুগ রাজা নন, দেশের সব রাজা-মহারাজারাই আজ প্রশ্নের সামনে: কাপড় কোথায়?
